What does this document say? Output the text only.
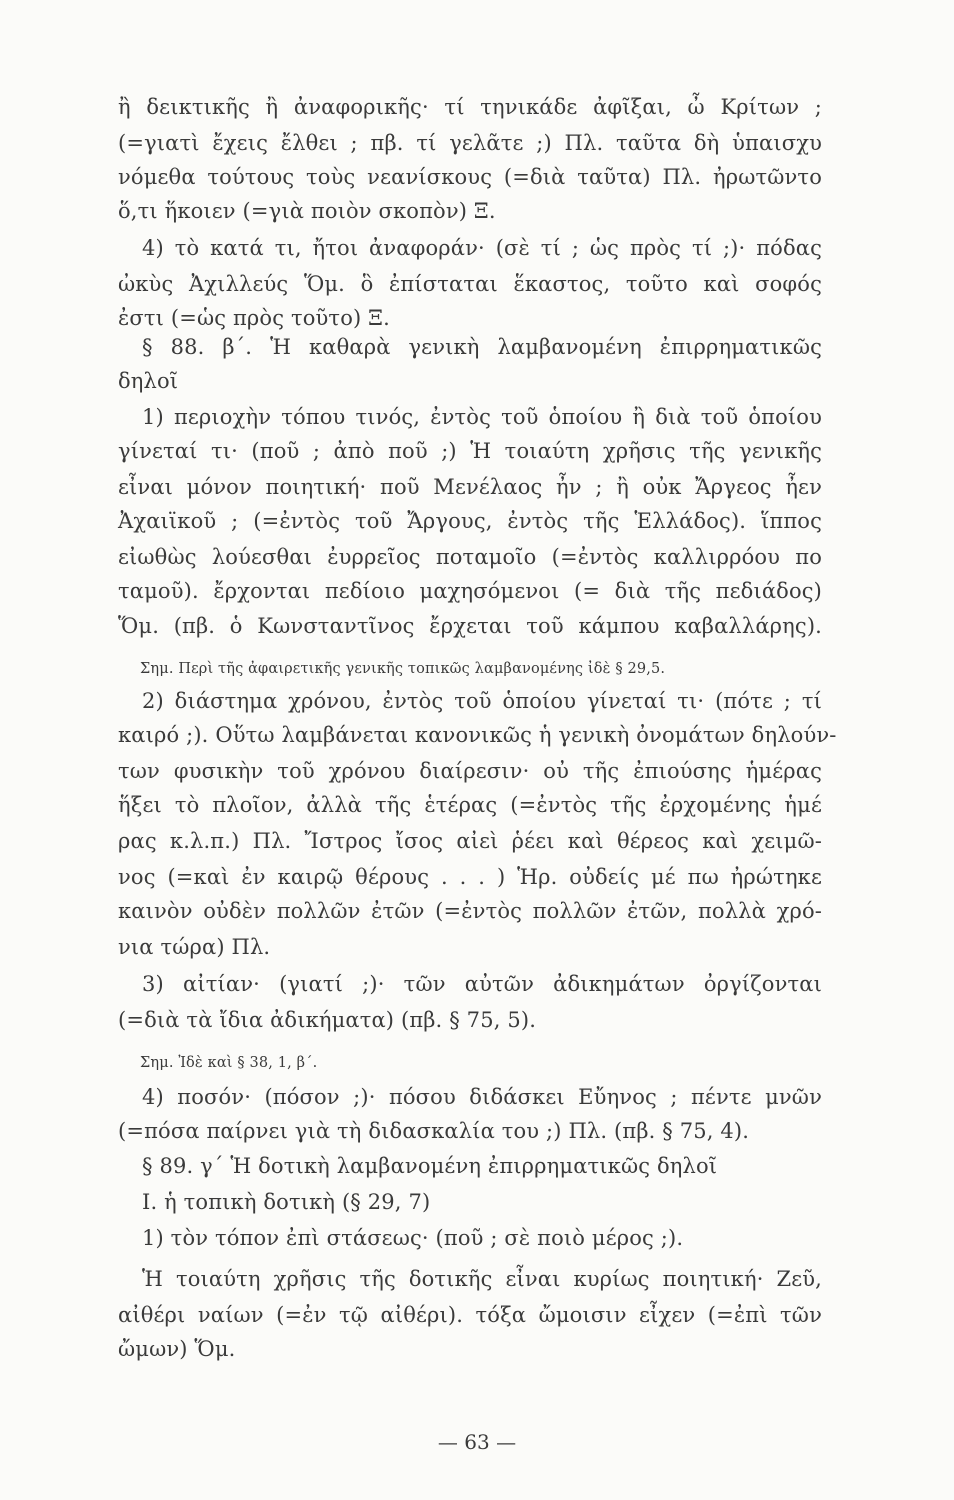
ἢ δεικτικῆς ἢ ἀναφορικῆς· τί τηνικάδε ἀφῖξαι, ὦ Κρίτων ;
(=γιατὶ ἔχεις ἔλθει ; πβ. τί γελᾶτε ;) Πλ. ταῦτα δὴ ὑπαισχυ
νόμεθα τούτους τοὺς νεανίσκους (=διὰ ταῦτα) Πλ. ἠρωτῶντο
ὅ,τι ἥκοιεν (=γιὰ ποιὸν σκοπὸν) Ξ.
4) τὸ κατά τι, ἤτοι ἀναφοράν· (σὲ τί ; ὡς πρὸς τί ;)· πόδας
ὠκὺς Ἀχιλλεύς Ὅμ. ὃ ἐπίσταται ἕκαστος, τοῦτο καὶ σοφός
ἐστι (=ὡς πρὸς τοῦτο) Ξ.
§ 88. β΄. Ἡ καθαρὰ γενικὴ λαμβανομένη ἐπιρρηματικῶς
δηλοῖ
1) περιοχὴν τόπου τινός, ἐντὸς τοῦ ὁποίου ἢ διὰ τοῦ ὁποίου
γίνεταί τι· (ποῦ ; ἀπὸ ποῦ ;) Ἡ τοιαύτη χρῆσις τῆς γενικῆς
εἶναι μόνον ποιητική· ποῦ Μενέλαος ἦν ; ἢ οὐκ Ἄργεος ἦεν
Ἀχαιϊκοῦ ; (=ἐντὸς τοῦ Ἄργους, ἐντὸς τῆς Ἑλλάδος). ἵππος
εἰωθὼς λούεσθαι ἐυρρεῖος ποταμοῖο (=ἐντὸς καλλιρρόου πο
ταμοῦ). ἔρχονται πεδίοιο μαχησόμενοι (= διὰ τῆς πεδιάδος)
Ὅμ. (πβ. ὁ Κωνσταντῖνος ἔρχεται τοῦ κάμπου καβαλλάρης).
Σημ. Περὶ τῆς ἀφαιρετικῆς γενικῆς τοπικῶς λαμβανομένης ἰδὲ § 29,5.
2) διάστημα χρόνου, ἐντὸς τοῦ ὁποίου γίνεταί τι· (πότε ; τί
καιρό ;). Οὕτω λαμβάνεται κανονικῶς ἡ γενικὴ ὀνομάτων δηλούν-
των φυσικὴν τοῦ χρόνου διαίρεσιν· οὐ τῆς ἐπιούσης ἡμέρας
ἥξει τὸ πλοῖον, ἀλλὰ τῆς ἑτέρας (=ἐντὸς τῆς ἐρχομένης ἡμέ
ρας κ.λ.π.) Πλ. Ἴστρος ἴσος αἰεὶ ῥέει καὶ θέρεος καὶ χειμῶ-
νος (=καὶ ἐν καιρῷ θέρους . . . ) Ἡρ. οὐδείς μέ πω ἠρώτηκε
καινὸν οὐδὲν πολλῶν ἐτῶν (=ἐντὸς πολλῶν ἐτῶν, πολλὰ χρό-
νια τώρα) Πλ.
3) αἰτίαν· (γιατί ;)· τῶν αὐτῶν ἀδικημάτων ὀργίζονται
(=διὰ τὰ ἴδια ἀδικήματα) (πβ. § 75, 5).
Σημ. Ἰδὲ καὶ § 38, 1, β΄.
4) ποσόν· (πόσον ;)· πόσου διδάσκει Εὔηνος ; πέντε μνῶν
(=πόσα παίρνει γιὰ τὴ διδασκαλία του ;) Πλ. (πβ. § 75, 4).
§ 89. γ΄ Ἡ δοτικὴ λαμβανομένη ἐπιρρηματικῶς δηλοῖ
Ι. ἡ τοπικὴ δοτικὴ (§ 29, 7)
1) τὸν τόπον ἐπὶ στάσεως· (ποῦ ; σὲ ποιὸ μέρος ;).
Ἡ τοιαύτη χρῆσις τῆς δοτικῆς εἶναι κυρίως ποιητική· Ζεῦ,
αἰθέρι ναίων (=ἐν τῷ αἰθέρι). τόξα ὤμοισιν εἶχεν (=ἐπὶ τῶν
ὤμων) Ὅμ.
— 63 —
